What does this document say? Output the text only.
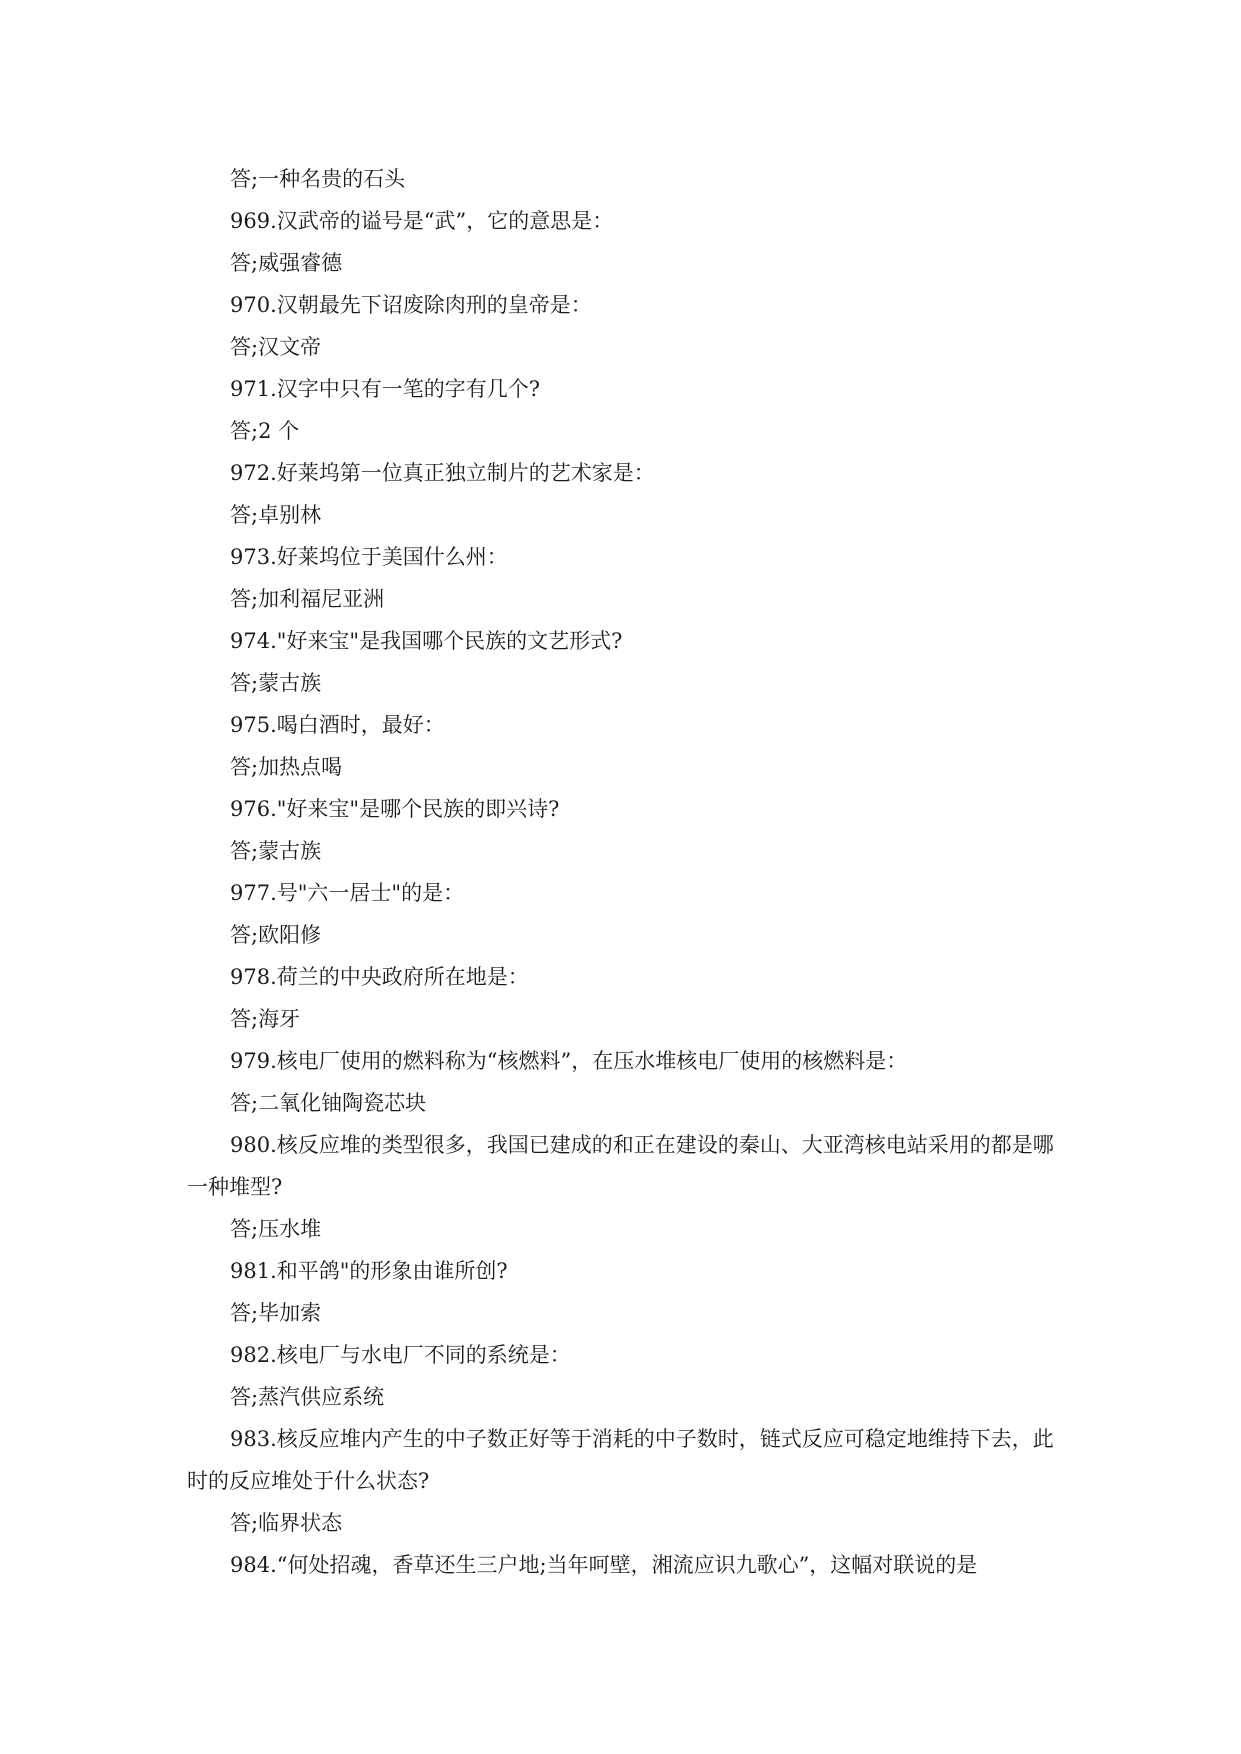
答;一种名贵的石头

969.汉武帝的谥号是“武”，它的意思是：

答;威强睿德

970.汉朝最先下诏废除肉刑的皇帝是：

答;汉文帝

971.汉字中只有一笔的字有几个?

答;2 个

972.好莱坞第一位真正独立制片的艺术家是：

答;卓别林

973.好莱坞位于美国什么州：

答;加利福尼亚洲

974."好来宝"是我国哪个民族的文艺形式?

答;蒙古族

975.喝白酒时，最好：

答;加热点喝

976."好来宝"是哪个民族的即兴诗?

答;蒙古族

977.号"六一居士"的是：

答;欧阳修

978.荷兰的中央政府所在地是：

答;海牙

979.核电厂使用的燃料称为“核燃料”，在压水堆核电厂使用的核燃料是：

答;二氧化铀陶瓷芯块

980.核反应堆的类型很多，我国已建成的和正在建设的秦山、大亚湾核电站采用的都是哪一种堆型?

答;压水堆

981.和平鸽"的形象由谁所创?

答;毕加索

982.核电厂与水电厂不同的系统是：

答;蒸汽供应系统

983.核反应堆内产生的中子数正好等于消耗的中子数时，链式反应可稳定地维持下去，此时的反应堆处于什么状态?

答;临界状态

984.“何处招魂，香草还生三户地;当年呵壁，湘流应识九歌心”，这幅对联说的是
